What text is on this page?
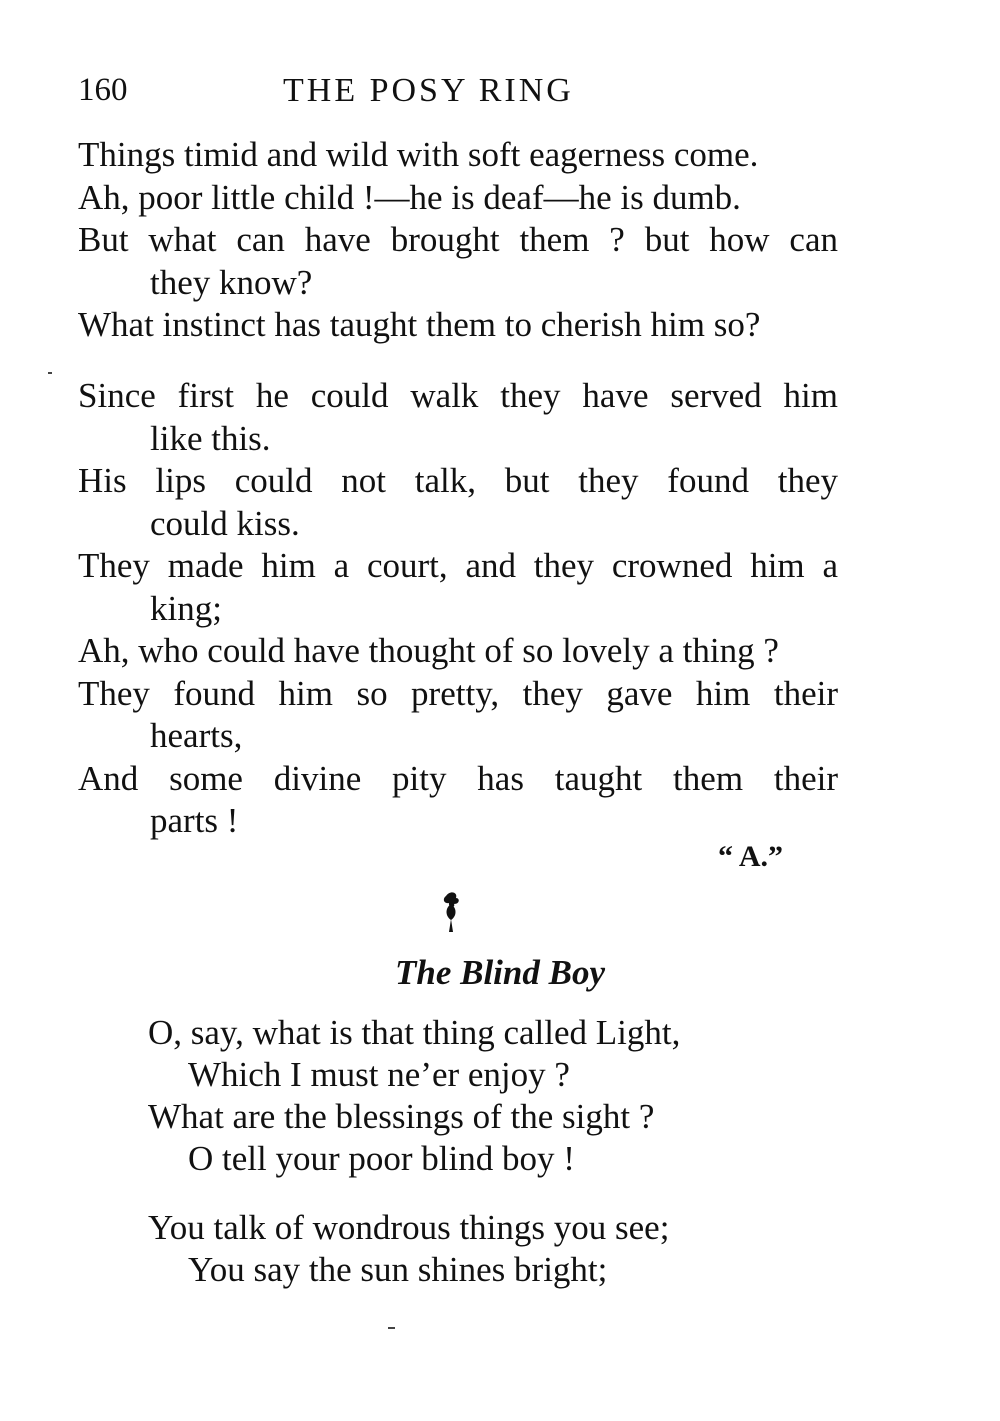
160	THE POSY RING
Things timid and wild with soft eagerness come.
Ah, poor little child !—he is deaf—he is dumb.
But what can have brought them ? but how can
they know?
What instinct has taught them to cherish him so?
Since first he could walk they have served him
like this.
His lips could not talk, but they found they
could kiss.
They made him a court, and they crowned him a
king;
Ah, who could have thought of so lovely a thing ?
They found him so pretty, they gave him their
hearts,
And some divine pity has taught them their
parts !
“ A.”
The Blind Boy
O, say, what is that thing called Light,
Which I must ne’er enjoy ?
What are the blessings of the sight ?
O tell your poor blind boy !
You talk of wondrous things you see;
You say the sun shines bright;
